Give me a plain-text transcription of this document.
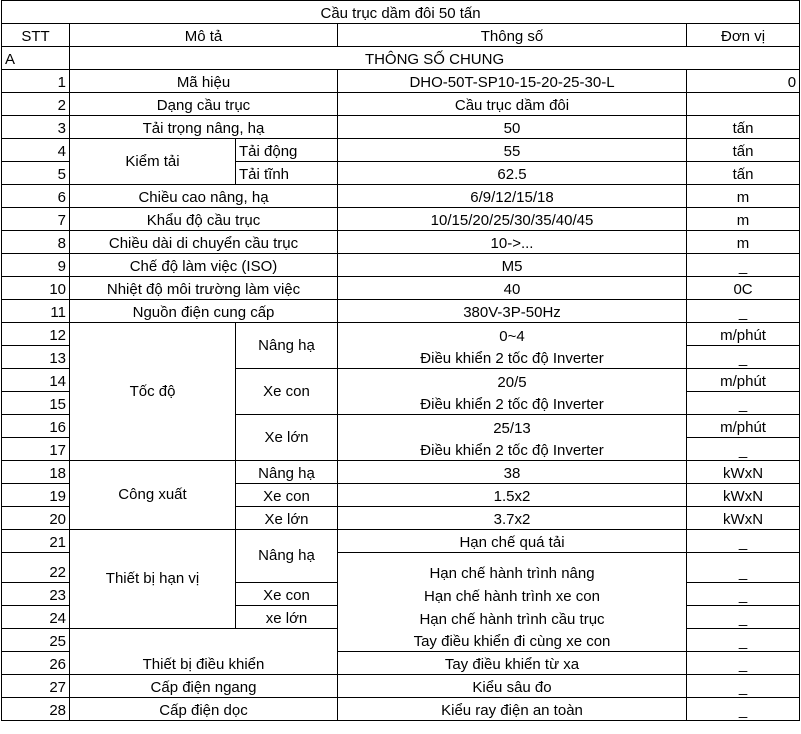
Cầu trục dầm đôi 50 tấn				
STT	Mô tả		Thông số	Đơn vị
A	THÔNG SỐ CHUNG			
1	Mã hiệu		DHO-50T-SP10-15-20-25-30-L	0
2	Dạng cầu trục		Cầu trục dầm đôi	
3	Tải trọng nâng, hạ		50	tấn
4	Kiểm tải	Tải động	55	tấn
5		Tải tĩnh	62.5	tấn
6	Chiều cao nâng, hạ		6/9/12/15/18	m
7	Khẩu độ cầu trục		10/15/20/25/30/35/40/45	m
8	Chiều dài di chuyển cầu trục		10->...	m
9	Chế độ làm việc (ISO)		M5	_
10	Nhiệt độ môi trường làm việc		40	0C
11	Nguồn điện cung cấp		380V-3P-50Hz	_
12	Tốc độ	Nâng hạ	0~4	m/phút
13			Điều khiển 2 tốc độ Inverter	_
14		Xe con	20/5	m/phút
15			Điều khiển 2 tốc độ Inverter	_
16		Xe lớn	25/13	m/phút
17			Điều khiển 2 tốc độ Inverter	_
18	Công xuất	Nâng hạ	38	kWxN
19		Xe con	1.5x2	kWxN
20		Xe lớn	3.7x2	kWxN
21	Thiết bị hạn vị	Nâng hạ	Hạn chế quá tải	_
22			Hạn chế hành trình nâng	_
23		Xe con	Hạn chế hành trình xe con	_
24		xe lớn	Hạn chế hành trình cầu trục	_
25			Tay điều khiển đi cùng xe con	_
26	Thiết bị điều khiển		Tay điều khiển từ xa	_
27	Cấp điện ngang		Kiểu sâu đo	_
28	Cấp điện dọc		Kiểu ray điện an toàn	_
